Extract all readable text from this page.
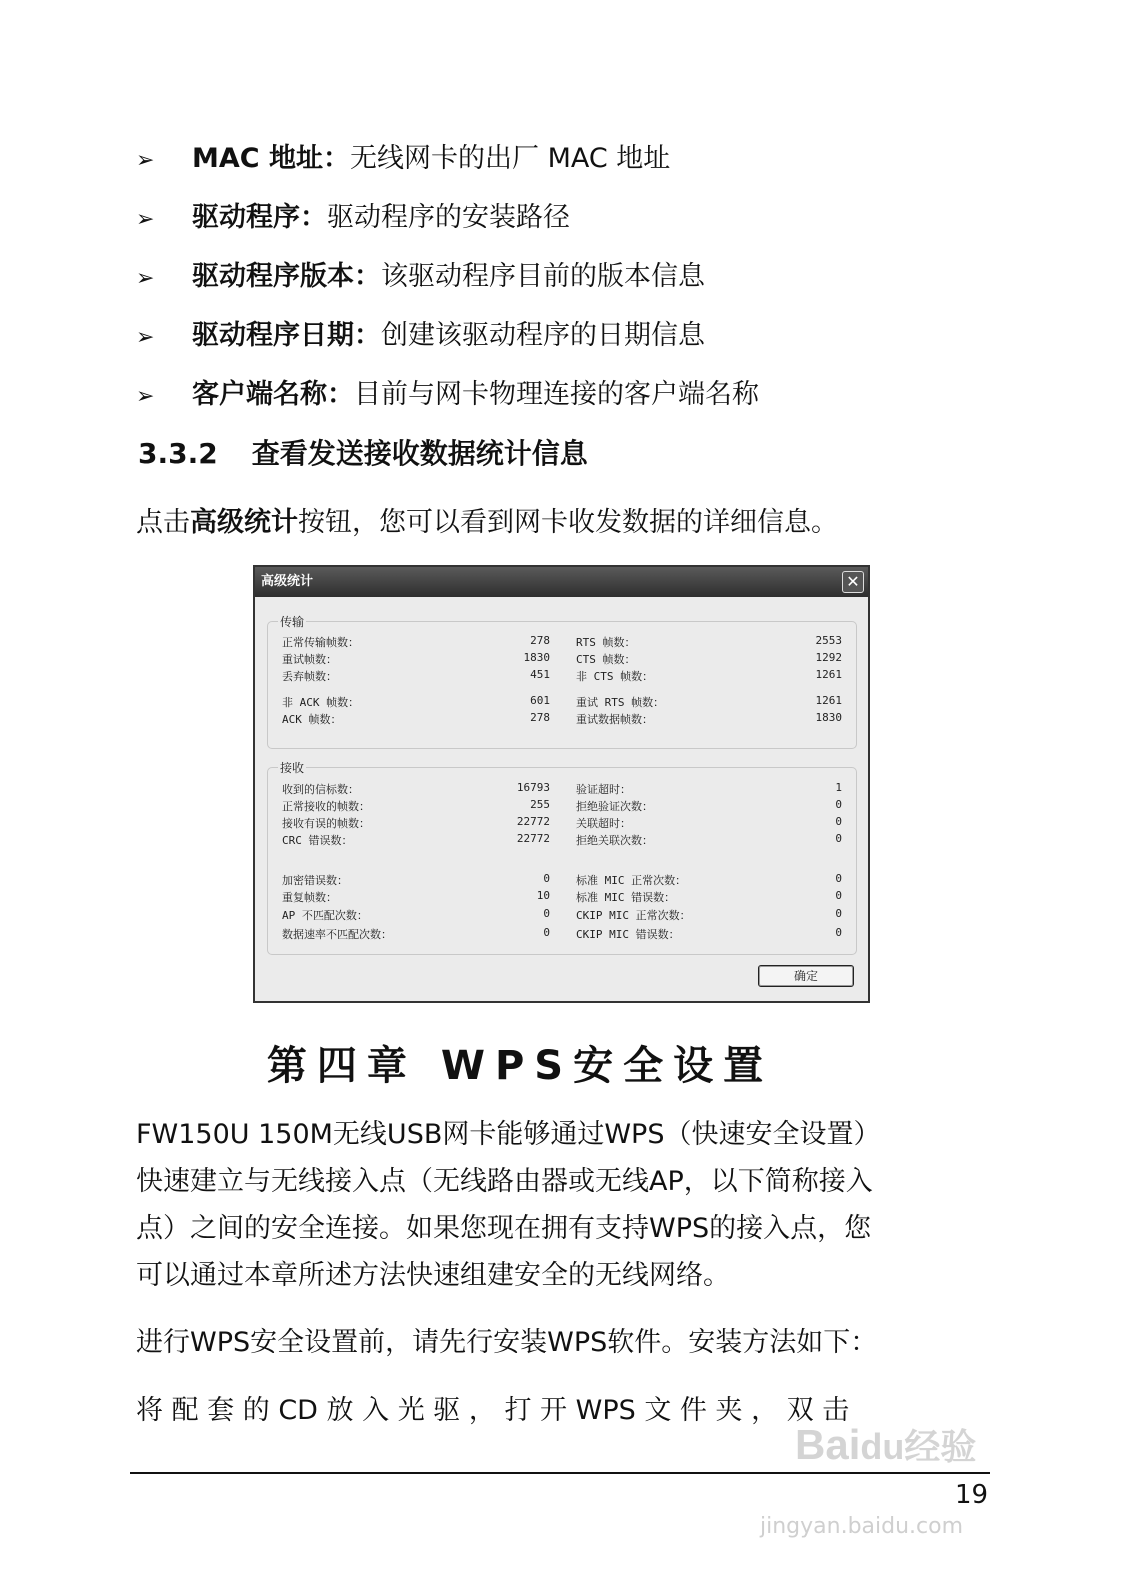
➢ MAC 地址：无线网卡的出厂 MAC 地址
➢ 驱动程序：驱动程序的安装路径
➢ 驱动程序版本：该驱动程序目前的版本信息
➢ 驱动程序日期：创建该驱动程序的日期信息
➢ 客户端名称：目前与网卡物理连接的客户端名称
3.3.2 查看发送接收数据统计信息
点击高级统计按钮，您可以看到网卡收发数据的详细信息。
高级统计	✕
传输
正常传输帧数：	278 RTS 帧数：	2553
重试帧数：	1830 CTS 帧数：	1292
丢弃帧数：	451 非 CTS 帧数：	1261
非 ACK 帧数：	601 重试 RTS 帧数：	1261
ACK 帧数：	278 重试数据帧数：	1830
接收
收到的信标数：	16793 验证超时：	1
正常接收的帧数：	255 拒绝验证次数：	0
接收有误的帧数：	22772 关联超时：	0
CRC 错误数：	22772 拒绝关联次数：	0
加密错误数：	0 标准 MIC 正常次数：	0
重复帧数：	10 标准 MIC 错误数：	0
AP 不匹配次数：	0 CKIP MIC 正常次数：	0
数据速率不匹配次数：	0 CKIP MIC 错误数：	0
确定
第四章 WPS安全设置
FW150U 150M无线USB网卡能够通过WPS（快速安全设置）
快速建立与无线接入点（无线路由器或无线AP，以下简称接入
点）之间的安全连接。如果您现在拥有支持WPS的接入点，您
可以通过本章所述方法快速组建安全的无线网络。
进行WPS安全设置前，请先行安装WPS软件。安装方法如下：
将 配 套 的 CD 放 入 光 驱 ， 打 开 WPS 文 件 夹 ， 双 击
Baidu经验
jingyan.baidu.com
19
